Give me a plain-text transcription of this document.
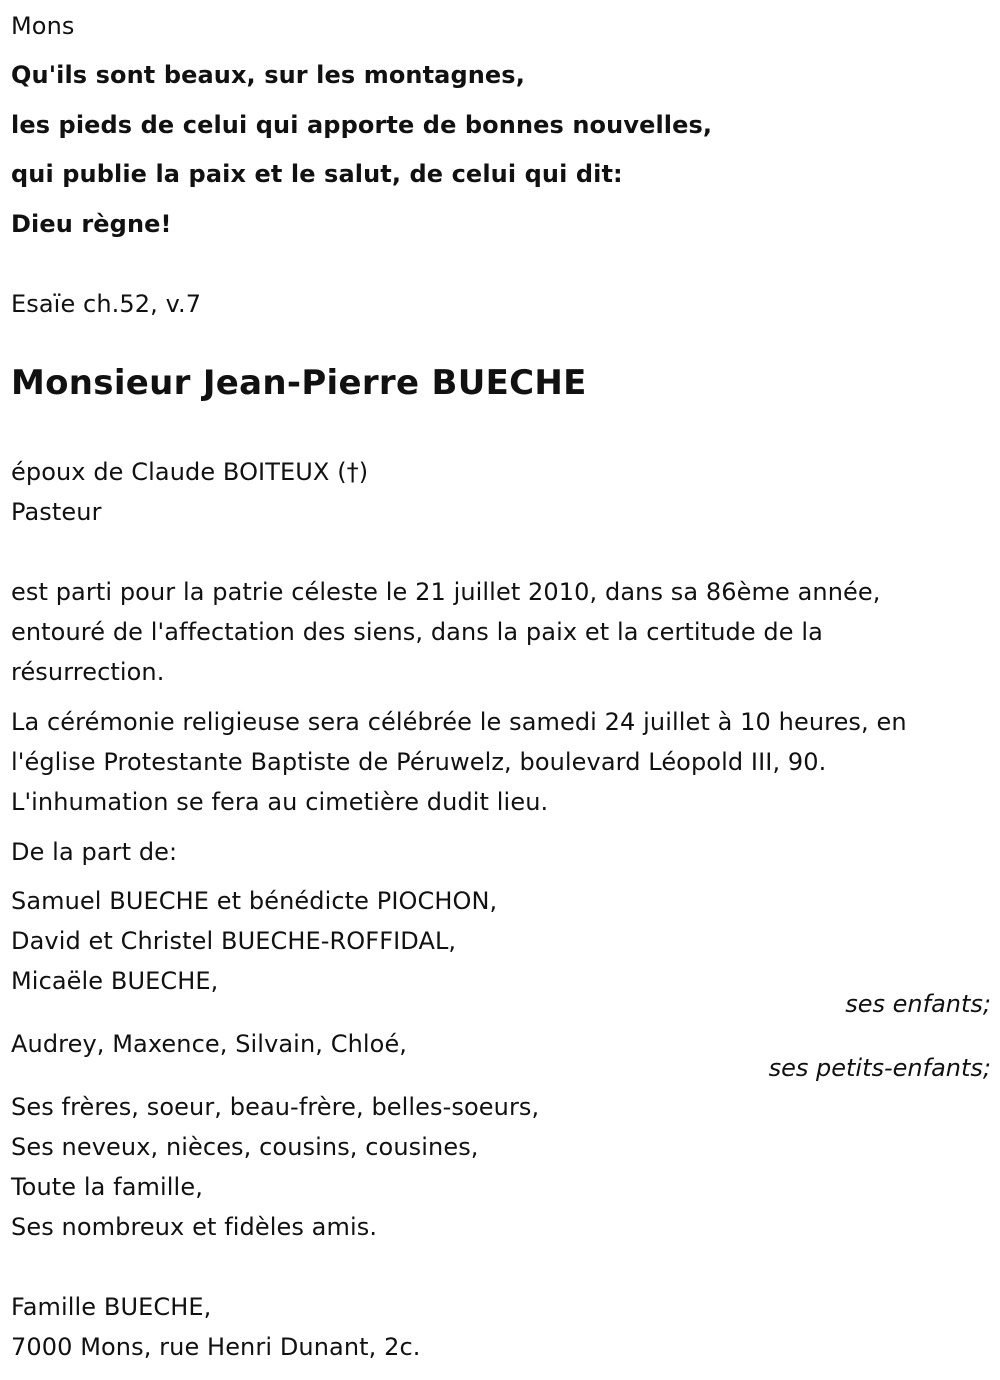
Mons
Qu'ils sont beaux, sur les montagnes,
les pieds de celui qui apporte de bonnes nouvelles,
qui publie la paix et le salut, de celui qui dit:
Dieu règne!
Esaïe ch.52, v.7
Monsieur Jean-Pierre BUECHE
époux de Claude BOITEUX (†)
Pasteur
est parti pour la patrie céleste le 21 juillet 2010, dans sa 86ème année,
entouré de l'affectation des siens, dans la paix et la certitude de la
résurrection.
La cérémonie religieuse sera célébrée le samedi 24 juillet à 10 heures, en
l'église Protestante Baptiste de Péruwelz, boulevard Léopold III, 90.
L'inhumation se fera au cimetière dudit lieu.
De la part de:
Samuel BUECHE et bénédicte PIOCHON,
David et Christel BUECHE-ROFFIDAL,
Micaële BUECHE,
ses enfants;
Audrey, Maxence, Silvain, Chloé,
ses petits-enfants;
Ses frères, soeur, beau-frère, belles-soeurs,
Ses neveux, nièces, cousins, cousines,
Toute la famille,
Ses nombreux et fidèles amis.
Famille BUECHE,
7000 Mons, rue Henri Dunant, 2c.
